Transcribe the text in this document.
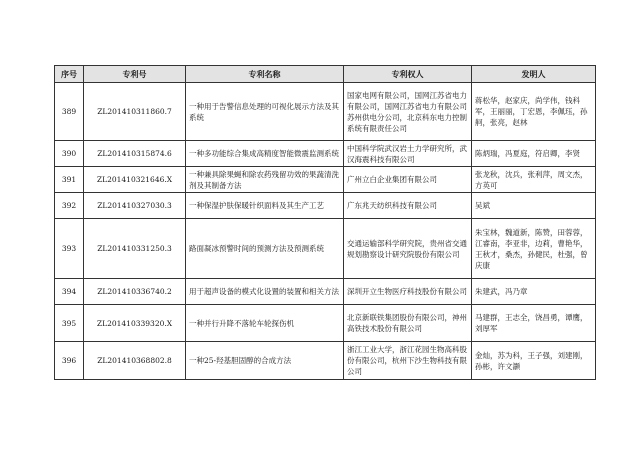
序号	专利号	专利名称	专利权人	发明人
389	ZL201410311860.7	一种用于告警信息处理的可视化展示方法及其系统	国家电网有限公司，国网江苏省电力有限公司，国网江苏省电力有限公司苏州供电分公司，北京科东电力控制系统有限责任公司	蒋松华，赵家庆，尚学伟，钱科军，王丽丽，丁宏恩，李佩珏，孙舸，张亮，赵林
390	ZL201410315874.6	一种多功能综合集成高精度智能微震监测系统	中国科学院武汉岩土力学研究所，武汉海震科技有限公司	陈炳瑞，冯夏庭，符启卿，李贤
391	ZL201410321646.X	一种兼具除果蝇和除农药残留功效的果蔬清洗剂及其制备方法	广州立白企业集团有限公司	张龙秋，沈兵，张利萍，周文杰，方英可
392	ZL201410327030.3	一种保湿护肤保暖针织面料及其生产工艺	广东兆天纺织科技有限公司	吴斌
393	ZL201410331250.3	路面凝冰预警时间的预测方法及预测系统	交通运输部科学研究院，贵州省交通规划勘察设计研究院股份有限公司	朱宝林，魏道新，陈赞，田蓉蓉，江睿南，李亚非，边莉，曹艳华，王秋才，桑杰，孙健民，杜强，曾庆康
394	ZL201410336740.2	用于超声设备的模式化设置的装置和相关方法	深圳开立生物医疗科技股份有限公司	朱建武，冯乃章
395	ZL201410339320.X	一种并行升降不落轮车轮探伤机	北京新联铁集团股份有限公司，神州高铁技术股份有限公司	马建群，王志全，饶昌勇，谭鹰，刘厚军
396	ZL201410368802.8	一种25-羟基胆固醇的合成方法	浙江工业大学，浙江花园生物高科股份有限公司，杭州下沙生物科技有限公司	金灿，苏为科，王子强，刘建刚，孙彬，许文灏
